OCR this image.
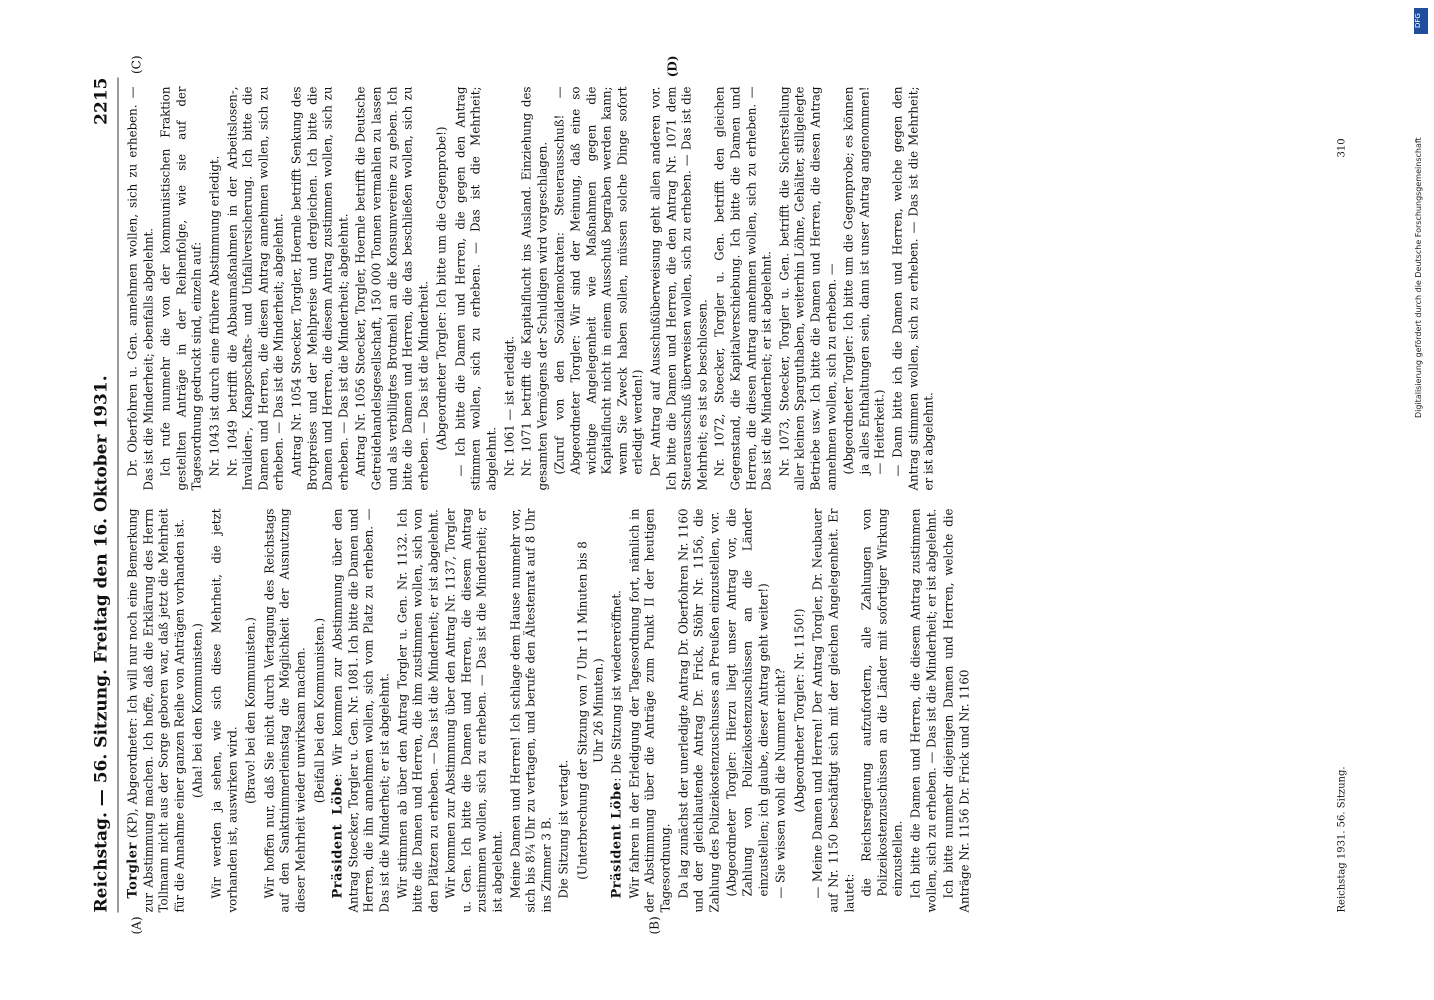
Reichstag. — 56. Sitzung. Freitag den 16. Oktober 1931.
2215
(A)	(B)
(C)	(D)

Torgler (KP), Abgeordneter: Ich will nur noch eine Bemerkung zur Abstimmung machen. Ich hoffe, daß die Erklärung des Herrn Tollmann nicht aus der Sorge geboren war, daß jetzt die Mehrheit für die Annahme einer ganzen Reihe von Anträgen vorhanden ist. (Aha! bei den Kommunisten.) Wir werden ja sehen, wie sich diese Mehrheit, die jetzt vorhanden ist, auswirken wird.

(Bravo! bei den Kommunisten.) Wir hoffen nur, daß Sie nicht durch Vertagung des Reichstags auf den Sanktnimmerleinstag die Möglichkeit der Ausnutzung dieser Mehrheit wieder unwirksam machen. (Beifall bei den Kommunisten.)

Präsident Löbe: Wir kommen zur Abstimmung über den Antrag Stoecker, Torgler u. Gen. Nr. 1081. Ich bitte die Damen und Herren, die ihn annehmen wollen, sich vom Platz zu erheben. — Das ist die Minderheit; er ist abgelehnt. Wir stimmen ab über den Antrag Torgler u. Gen. Nr. 1132. Ich bitte die Damen und Herren, die ihm zustimmen wollen, sich von den Plätzen zu erheben. — Das ist die Minderheit; er ist abgelehnt. Wir kommen zur Abstimmung über den Antrag Nr. 1137, Torgler u. Gen. Ich bitte die Damen und Herren, die diesem Antrag zustimmen wollen, sich zu erheben. — Das ist die Minderheit; er ist abgelehnt. Meine Damen und Herren! Ich schlage dem Hause nunmehr vor, sich bis 8¼ Uhr zu vertagen, und berufe den Ältestenrat auf 8 Uhr ins Zimmer 3 B. Die Sitzung ist vertagt. (Unterbrechung der Sitzung von 7 Uhr 11 Minuten bis 8 Uhr 26 Minuten.)

Präsident Löbe: Die Sitzung ist wiedereröffnet. Wir fahren in der Erledigung der Tagesordnung fort, nämlich in der Abstimmung über die Anträge zum Punkt II der heutigen Tagesordnung. Da lag zunächst der unerledigte Antrag Dr. Oberfohren Nr. 1160 und der gleichlautende Antrag Dr. Frick, Stöhr Nr. 1156, die Zahlung des Polizeikostenzuschusses an Preußen einzustellen, vor. (Abgeordneter Torgler: Hierzu liegt unser Antrag vor, die Zahlung von Polizeikostenzuschüssen an die Länder einzustellen; ich glaube, dieser Antrag geht weiter!) — Sie wissen wohl die Nummer nicht? (Abgeordneter Torgler: Nr. 1150!) — Meine Damen und Herren! Der Antrag Torgler, Dr. Neubauer auf Nr. 1150 beschäftigt sich mit der gleichen Angelegenheit. Er lautet: die Reichsregierung aufzufordern, alle Zahlungen von Polizeikostenzuschüssen an die Länder mit sofortiger Wirkung einzustellen. Ich bitte die Damen und Herren, die diesem Antrag zustimmen wollen, sich zu erheben. — Das ist die Minderheit; er ist abgelehnt. Ich bitte nunmehr diejenigen Damen und Herren, welche die Anträge Nr. 1156 Dr. Frick und Nr. 1160

Dr. Oberfohren u. Gen. annehmen wollen, sich zu erheben. — Das ist die Minderheit; ebenfalls abgelehnt. Ich rufe nunmehr die von der kommunistischen Fraktion gestellten Anträge in der Reihenfolge, wie sie auf der Tagesordnung gedruckt sind, einzeln auf: Nr. 1043 ist durch eine frühere Abstimmung erledigt. Nr. 1049 betrifft die Abbaumaßnahmen in der Arbeitslosen-, Invaliden-, Knappschafts- und Unfallversicherung. Ich bitte die Damen und Herren, die diesen Antrag annehmen wollen, sich zu erheben. — Das ist die Minderheit; abgelehnt. Antrag Nr. 1054 Stoecker, Torgler, Hoernle betrifft Senkung des Brotpreises und der Mehlpreise und dergleichen. Ich bitte die Damen und Herren, die diesem Antrag zustimmen wollen, sich zu erheben. — Das ist die Minderheit; abgelehnt. Antrag Nr. 1056 Stoecker, Torgler, Hoernle betrifft die Deutsche Getreidehandelsgesellschaft, 150 000 Tonnen vermahlen zu lassen und als verbilligtes Brotmehl an die Konsumvereine zu geben. Ich bitte die Damen und Herren, die das beschließen wollen, sich zu erheben. — Das ist die Minderheit. (Abgeordneter Torgler: Ich bitte um die Gegenprobe!) — Ich bitte die Damen und Herren, die gegen den Antrag stimmen wollen, sich zu erheben. — Das ist die Mehrheit; abgelehnt. Nr. 1061 — ist erledigt. Nr. 1071 betrifft die Kapitalflucht ins Ausland. Einziehung des gesamten Vermögens der Schuldigen wird vorgeschlagen. (Zuruf von den Sozialdemokraten: Steuerausschuß! — Abgeordneter Torgler: Wir sind der Meinung, daß eine so wichtige Angelegenheit wie Maßnahmen gegen die Kapitalflucht nicht in einem Ausschuß begraben werden kann; wenn Sie Zweck haben sollen, müssen solche Dinge sofort erledigt werden!) Der Antrag auf Ausschußüberweisung geht allen anderen vor. Ich bitte die Damen und Herren, die den Antrag Nr. 1071 dem Steuerausschuß überweisen wollen, sich zu erheben. — Das ist die Mehrheit; es ist so beschlossen. Nr. 1072, Stoecker, Torgler u. Gen. betrifft den gleichen Gegenstand, die Kapitalverschiebung. Ich bitte die Damen und Herren, die diesen Antrag annehmen wollen, sich zu erheben. — Das ist die Minderheit; er ist abgelehnt. Nr. 1073, Stoecker, Torgler u. Gen. betrifft die Sicherstellung aller kleinen Sparguthaben, weiterhin Löhne, Gehälter, stillgelegte Betriebe usw. Ich bitte die Damen und Herren, die diesen Antrag annehmen wollen, sich zu erheben. — (Abgeordneter Torgler: Ich bitte um die Gegenprobe; es können ja alles Enthaltungen sein, dann ist unser Antrag angenommen! — Heiterkeit.) — Dann bitte ich die Damen und Herren, welche gegen den Antrag stimmen wollen, sich zu erheben. — Das ist die Mehrheit; er ist abgelehnt.

Reichstag 1931. 56. Sitzung.
310
DFG
Digitalisierung gefördert durch die Deutsche Forschungsgemeinschaft
